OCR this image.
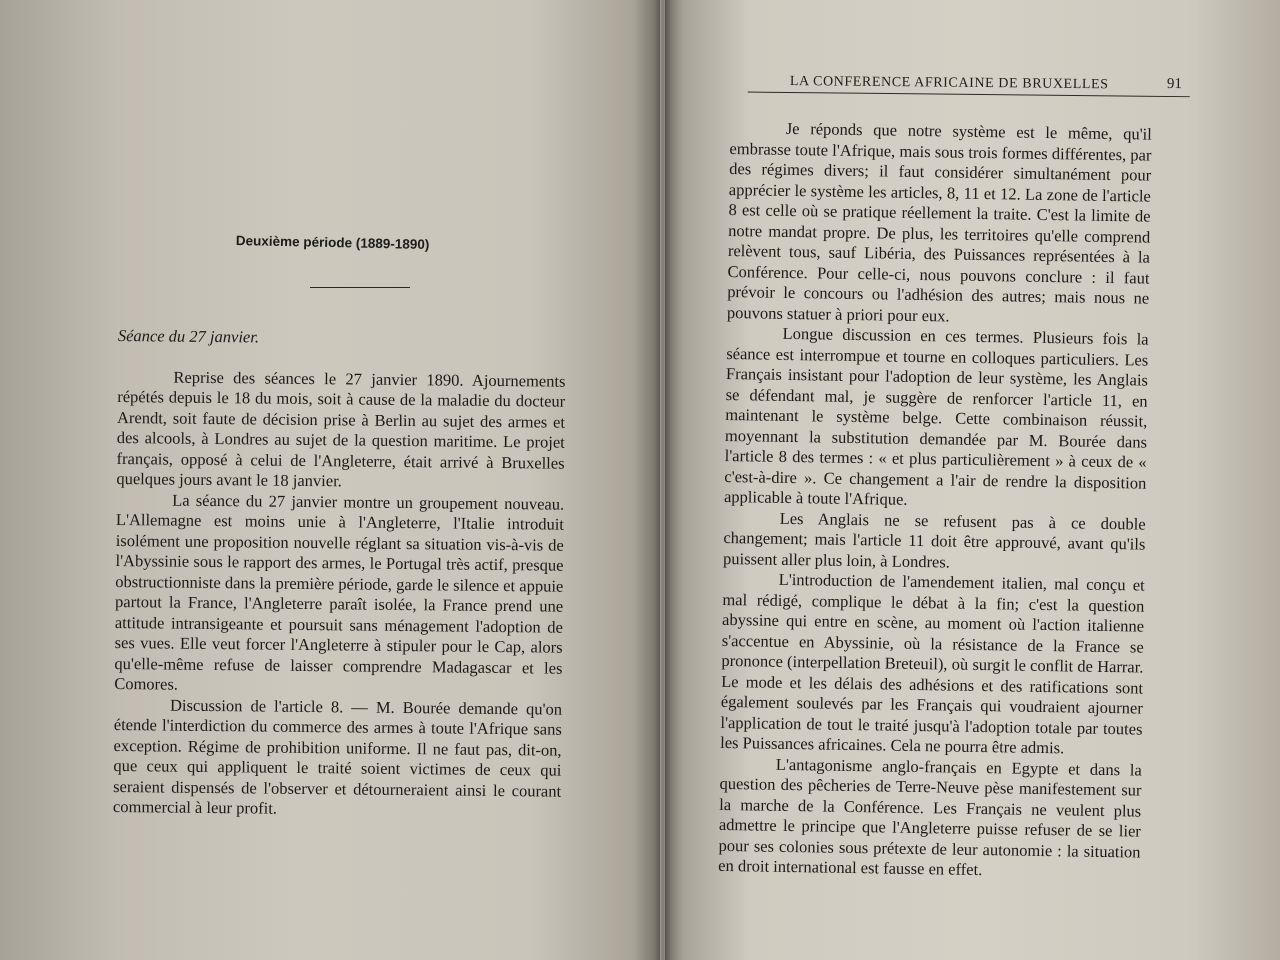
Deuxième période (1889-1890)

Séance du 27 janvier.

Reprise des séances le 27 janvier 1890. Ajournements répétés depuis le 18 du mois, soit à cause de la maladie du docteur Arendt, soit faute de décision prise à Berlin au sujet des armes et des alcools, à Londres au sujet de la question maritime. Le projet français, opposé à celui de l'Angleterre, était arrivé à Bruxelles quelques jours avant le 18 janvier.

La séance du 27 janvier montre un groupement nouveau. L'Allemagne est moins unie à l'Angleterre, l'Italie introduit isolément une proposition nouvelle réglant sa situation vis-à-vis de l'Abyssinie sous le rapport des armes, le Portugal très actif, presque obstructionniste dans la première période, garde le silence et appuie partout la France, l'Angleterre paraît isolée, la France prend une attitude intransigeante et poursuit sans ménagement l'adoption de ses vues. Elle veut forcer l'Angleterre à stipuler pour le Cap, alors qu'elle-même refuse de laisser comprendre Madagascar et les Comores.

Discussion de l'article 8. — M. Bourée demande qu'on étende l'interdiction du commerce des armes à toute l'Afrique sans exception. Régime de prohibition uniforme. Il ne faut pas, dit-on, que ceux qui appliquent le traité soient victimes de ceux qui seraient dispensés de l'observer et détourneraient ainsi le courant commercial à leur profit.

LA CONFERENCE AFRICAINE DE BRUXELLES	91

Je réponds que notre système est le même, qu'il embrasse toute l'Afrique, mais sous trois formes différentes, par des régimes divers; il faut considérer simultanément pour apprécier le système les articles, 8, 11 et 12. La zone de l'article 8 est celle où se pratique réellement la traite. C'est la limite de notre mandat propre. De plus, les territoires qu'elle comprend relèvent tous, sauf Libéria, des Puissances représentées à la Conférence. Pour celle-ci, nous pouvons conclure : il faut prévoir le concours ou l'adhésion des autres; mais nous ne pouvons statuer à priori pour eux.

Longue discussion en ces termes. Plusieurs fois la séance est interrompue et tourne en colloques particuliers. Les Français insistant pour l'adoption de leur système, les Anglais se défendant mal, je suggère de renforcer l'article 11, en maintenant le système belge. Cette combinaison réussit, moyennant la substitution demandée par M. Bourée dans l'article 8 des termes : « et plus particulièrement » à ceux de « c'est-à-dire ». Ce changement a l'air de rendre la disposition applicable à toute l'Afrique.

Les Anglais ne se refusent pas à ce double changement; mais l'article 11 doit être approuvé, avant qu'ils puissent aller plus loin, à Londres.

L'introduction de l'amendement italien, mal conçu et mal rédigé, complique le débat à la fin; c'est la question abyssine qui entre en scène, au moment où l'action italienne s'accentue en Abyssinie, où la résistance de la France se prononce (interpellation Breteuil), où surgit le conflit de Harrar. Le mode et les délais des adhésions et des ratifications sont également soulevés par les Français qui voudraient ajourner l'application de tout le traité jusqu'à l'adoption totale par toutes les Puissances africaines. Cela ne pourra être admis.

L'antagonisme anglo-français en Egypte et dans la question des pêcheries de Terre-Neuve pèse manifestement sur la marche de la Conférence. Les Français ne veulent plus admettre le principe que l'Angleterre puisse refuser de se lier pour ses colonies sous prétexte de leur autonomie : la situation en droit international est fausse en effet.
